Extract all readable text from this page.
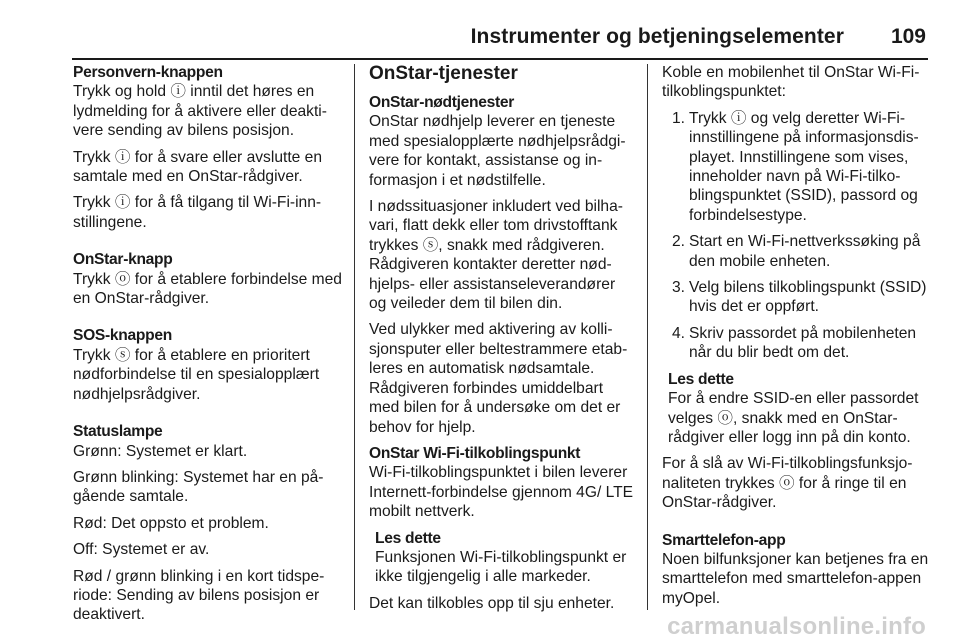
Instrumenter og betjeningselementer 109
Personvern-knappen

Trykk og hold ⓘ inntil det høres en lydmelding for å aktivere eller deaktivere sending av bilens posisjon.

Trykk ⓘ for å svare eller avslutte en samtale med en OnStar-rådgiver.

Trykk ⓘ for å få tilgang til Wi-Fi-innstillingene.

OnStar-knapp

Trykk ⓞ for å etablere forbindelse med en OnStar-rådgiver.

SOS-knappen

Trykk ⓢ for å etablere en prioritert nødforbindelse til en spesialopplært nødhjelpsrådgiver.

Statuslampe

Grønn: Systemet er klart.

Grønn blinking: Systemet har en pågående samtale.

Rød: Det oppsto et problem.

Off: Systemet er av.

Rød / grønn blinking i en kort tidsperiode: Sending av bilens posisjon er deaktivert.

OnStar-tjenester
OnStar-nødtjenester

OnStar nødhjelp leverer en tjeneste med spesialopplærte nødhjelpsrådgivere for kontakt, assistanse og informasjon i et nødstilfelle.

I nødssituasjoner inkludert ved bilhavari, flatt dekk eller tom drivstofftank trykkes ⓢ, snakk med rådgiveren. Rådgiveren kontakter deretter nødhjelps- eller assistanseleverandører og veileder dem til bilen din.

Ved ulykker med aktivering av kollisjonsputer eller beltestrammere etableres en automatisk nødsamtale. Rådgiveren forbindes umiddelbart med bilen for å undersøke om det er behov for hjelp.

OnStar Wi-Fi-tilkoblingspunkt

Wi-Fi-tilkoblingspunktet i bilen leverer Internett-forbindelse gjennom 4G/ LTE mobilt nettverk.

Les dette

Funksjonen Wi-Fi-tilkoblingspunkt er ikke tilgjengelig i alle markeder.

Det kan tilkobles opp til sju enheter.

Koble en mobilenhet til OnStar Wi-Fi-tilkoblingspunktet:

1. Trykk ⓘ og velg deretter Wi-Fi-innstillingene på informasjonsdisplayet. Innstillingene som vises, inneholder navn på Wi-Fi-tilkoblingspunktet (SSID), passord og forbindelsestype.
2. Start en Wi-Fi-nettverkssøking på den mobile enheten.
3. Velg bilens tilkoblingspunkt (SSID) hvis det er oppført.
4. Skriv passordet på mobilenheten når du blir bedt om det.
Les dette

For å endre SSID-en eller passordet velges ⓞ, snakk med en OnStar-rådgiver eller logg inn på din konto.

For å slå av Wi-Fi-tilkoblingsfunksjonaliteten trykkes ⓞ for å ringe til en OnStar-rådgiver.

Smarttelefon-app

Noen bilfunksjoner kan betjenes fra en smarttelefon med smarttelefon-appen myOpel.

carmanualsonline.info
